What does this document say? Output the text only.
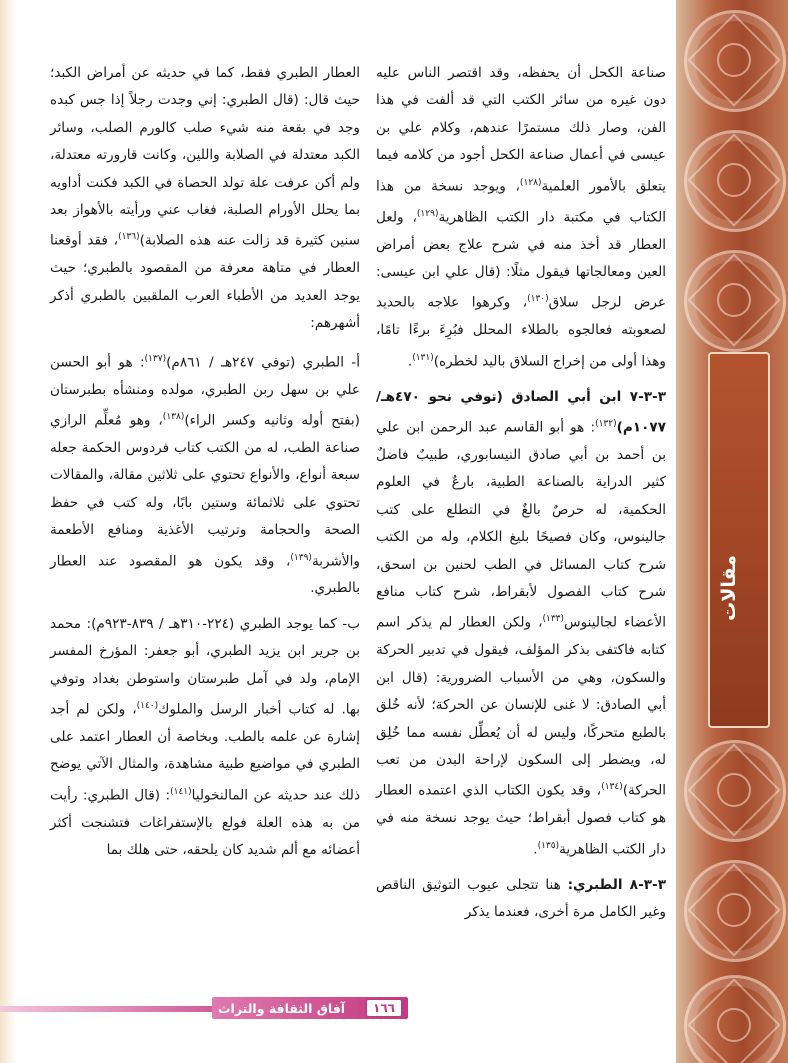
مقالات

صناعة الكحل أن يحفظه، وقد اقتصر الناس عليه دون غيره من سائر الكتب التي قد ألفت في هذا الفن، وصار ذلك مستمرًا عندهم، وكلام علي بن عيسى في أعمال صناعة الكحل أجود من كلامه فيما يتعلق بالأمور العلمية$^{(١٢٨)}$، ويوجد نسخة من هذا الكتاب في مكتبة دار الكتب الظاهرية$^{(١٢٩)}$، ولعل العطار قد أخذ منه في شرح علاج بعض أمراض العين ومعالجاتها فيقول مثلًا: (قال علي ابن عيسى: عرض لرجل سلاق$^{(١٣٠)}$، وكرهوا علاجه بالحديد لصعوبته فعالجوه بالطلاء المحلل فبُرِءَ برءًا تامًا، وهذا أولى من إخراج السلاق باليد لخطره)$^{(١٣١)}$.

٣-٣-٧ ابن أبي الصادق (توفي نحو ٤٧٠هـ/١٠٧٧م)$^{(١٣٢)}$: هو أبو القاسم عبد الرحمن ابن علي بن أحمد بن أبي صادق النيسابوري، طبيبٌ فاضلٌ كثير الدراية بالصناعة الطبية، بارعٌ في العلوم الحكمية، له حرصٌ بالغٌ في التطلع على كتب جالينوس، وكان فصيحًا بليغ الكلام، وله من الكتب شرح كتاب المسائل في الطب لحنين بن اسحق، شرح كتاب الفصول لأبقراط، شرح كتاب منافع الأعضاء لجالينوس$^{(١٣٣)}$، ولكن العطار لم يذكر اسم كتابه فاكتفى بذكر المؤلف، فيقول في تدبير الحركة والسكون، وهي من الأسباب الضرورية: (قال ابن أبي الصادق: لا غنى للإنسان عن الحركة؛ لأنه خُلق بالطبع متحركًا، وليس له أن يُعطِّل نفسه مما خُلِق له، ويضطر إلى السكون لإراحة البدن من تعب الحركة)$^{(١٣٤)}$، وقد يكون الكتاب الذي اعتمده العطار هو كتاب فصول أبقراط؛ حيث يوجد نسخة منه في دار الكتب الظاهرية$^{(١٣٥)}$.

٣-٣-٨ الطبري: هنا تتجلى عيوب التوثيق الناقص وغير الكامل مرة أخرى، فعندما يذكر

العطار الطبري فقط، كما في حديثه عن أمراض الكبد؛ حيث قال: (قال الطبري: إني وجدت رجلاً إذا جس كبده وجد في بقعة منه شيء صلب كالورم الصلب، وسائر الكبد معتدلة في الصلابة واللين، وكانت قارورته معتدلة، ولم أكن عرفت علة تولد الحصاة في الكبد فكنت أداويه بما يحلل الأورام الصلبة، فغاب عني ورأيته بالأهواز بعد سنين كثيرة قد زالت عنه هذه الصلابة)$^{(١٣٦)}$، فقد أوقعنا العطار في متاهة معرفة من المقصود بالطبري؛ حيث يوجد العديد من الأطباء العرب الملقبين بالطبري أذكر أشهرهم:

أ- الطبري (توفي ٢٤٧هـ / ٨٦١م)$^{(١٣٧)}$: هو أبو الحسن علي بن سهل ربن الطبري، مولده ومنشأه بطبرستان (بفتح أوله وثانيه وكسر الراء)$^{(١٣٨)}$، وهو مُعلِّم الرازي صناعة الطب، له من الكتب كتاب فردوس الحكمة جعله سبعة أنواع، والأنواع تحتوي على ثلاثين مقالة، والمقالات تحتوي على ثلاثمائة وستين بابًا، وله كتب في حفظ الصحة والحجامة وترتيب الأغذية ومنافع الأطعمة والأشربة$^{(١٣٩)}$، وقد يكون هو المقصود عند العطار بالطبري.

ب- كما يوجد الطبري (٢٢٤-٣١٠هـ / ٨٣٩-٩٢٣م): محمد بن جرير ابن يزيد الطبري، أبو جعفر: المؤرخ المفسر الإمام، ولد في آمل طبرستان واستوطن بغداد وتوفي بها. له كتاب أخبار الرسل والملوك$^{(١٤٠)}$، ولكن لم أجد إشارة عن علمه بالطب. وبخاصة أن العطار اعتمد على الطبري في مواضيع طبية مشاهدة، والمثال الآتي يوضح ذلك عند حديثه عن المالنخوليا$^{(١٤١)}$: (قال الطبري: رأيت من به هذه العلة فولع بالإستفراغات فتشنجت أكثر أعضائه مع ألم شديد كان يلحقه، حتى هلك بما

١٦٦
آفاق الثقافة والتراث
